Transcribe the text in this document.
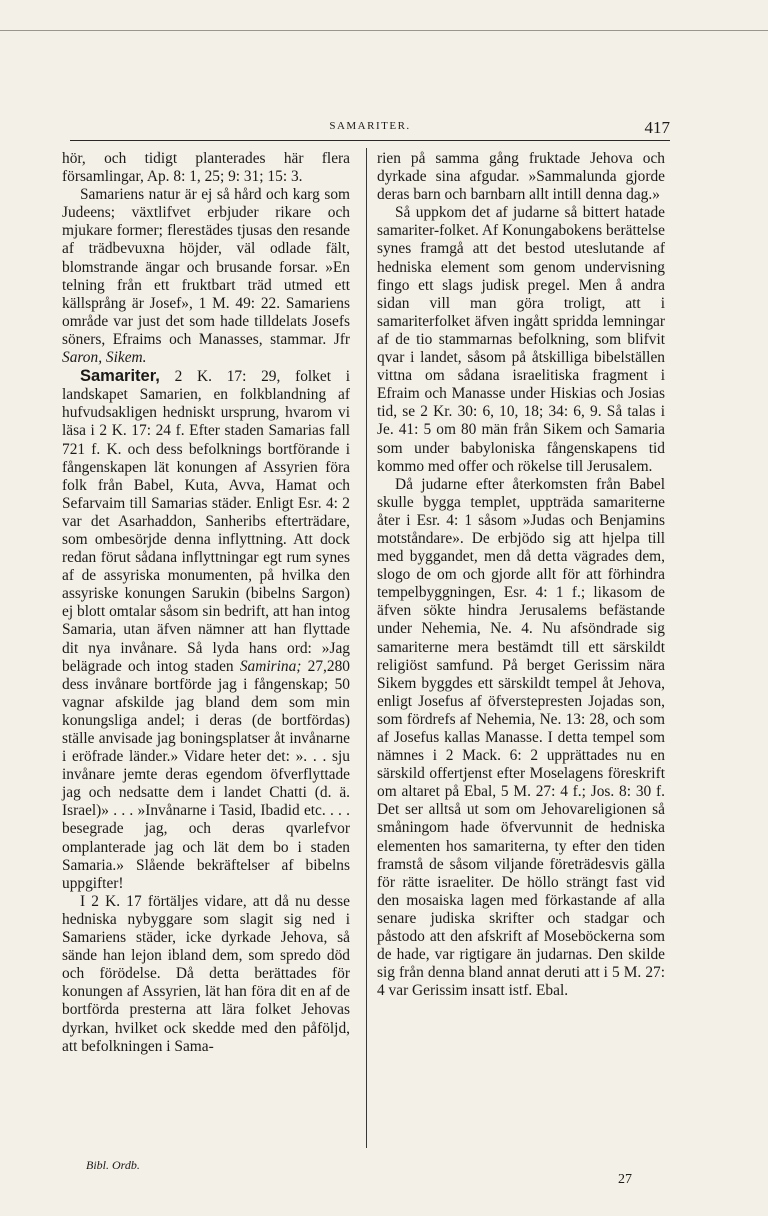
SAMARITER.	417

hör, och tidigt planterades här flera församlingar, Ap. 8: 1, 25; 9: 31; 15: 3.

Samariens natur är ej så hård och karg som Judeens; växtlifvet erbjuder rikare och mjukare former; flerestädes tjusas den resande af trädbevuxna höjder, väl odlade fält, blomstrande ängar och brusande forsar. »En telning från ett fruktbart träd utmed ett källsprång är Josef», 1 M. 49: 22. Samariens område var just det som hade tilldelats Josefs söners, Efraims och Manasses, stammar. Jfr Saron, Sikem.

Samariter, 2 K. 17: 29, folket i landskapet Samarien, en folkblandning af hufvudsakligen hedniskt ursprung, hvarom vi läsa i 2 K. 17: 24 f. Efter staden Samarias fall 721 f. K. och dess befolknings bortförande i fångenskapen lät konungen af Assyrien föra folk från Babel, Kuta, Avva, Hamat och Sefarvaim till Samarias städer. Enligt Esr. 4: 2 var det Asarhaddon, Sanheribs efterträdare, som ombesörjde denna inflyttning. Att dock redan förut sådana inflyttningar egt rum synes af de assyriska monumenten, på hvilka den assyriske konungen Sarukin (bibelns Sargon) ej blott omtalar såsom sin bedrift, att han intog Samaria, utan äfven nämner att han flyttade dit nya invånare. Så lyda hans ord: »Jag belägrade och intog staden Samirina; 27,280 dess invånare bortförde jag i fångenskap; 50 vagnar afskilde jag bland dem som min konungsliga andel; i deras (de bortfördas) ställe anvisade jag boningsplatser åt invånarne i eröfrade länder.» Vidare heter det: ». . . sju invånare jemte deras egendom öfverflyttade jag och nedsatte dem i landet Chatti (d. ä. Israel)» . . . »Invånarne i Tasid, Ibadid etc. . . . besegrade jag, och deras qvarlefvor omplanterade jag och lät dem bo i staden Samaria.» Slående bekräftelser af bibelns uppgifter!

I 2 K. 17 förtäljes vidare, att då nu desse hedniska nybyggare som slagit sig ned i Samariens städer, icke dyrkade Jehova, så sände han lejon ibland dem, som spredo död och förödelse. Då detta berättades för konungen af Assyrien, lät han föra dit en af de bortförda presterna att lära folket Jehovas dyrkan, hvilket ock skedde med den påföljd, att befolkningen i Sama-

rien på samma gång fruktade Jehova och dyrkade sina afgudar. »Sammalunda gjorde deras barn och barnbarn allt intill denna dag.»

Så uppkom det af judarne så bittert hatade samariter-folket. Af Konungabokens berättelse synes framgå att det bestod uteslutande af hedniska element som genom undervisning fingo ett slags judisk pregel. Men å andra sidan vill man göra troligt, att i samariterfolket äfven ingått spridda lemningar af de tio stammarnas befolkning, som blifvit qvar i landet, såsom på åtskilliga bibelställen vittna om sådana israelitiska fragment i Efraim och Manasse under Hiskias och Josias tid, se 2 Kr. 30: 6, 10, 18; 34: 6, 9. Så talas i Je. 41: 5 om 80 män från Sikem och Samaria som under babyloniska fångenskapens tid kommo med offer och rökelse till Jerusalem.

Då judarne efter återkomsten från Babel skulle bygga templet, uppträda samariterne åter i Esr. 4: 1 såsom »Judas och Benjamins motståndare». De erbjödo sig att hjelpa till med byggandet, men då detta vägrades dem, slogo de om och gjorde allt för att förhindra tempelbyggningen, Esr. 4: 1 f.; likasom de äfven sökte hindra Jerusalems befästande under Nehemia, Ne. 4. Nu afsöndrade sig samariterne mera bestämdt till ett särskildt religiöst samfund. På berget Gerissim nära Sikem byggdes ett särskildt tempel åt Jehova, enligt Josefus af öfverstepresten Jojadas son, som fördrefs af Nehemia, Ne. 13: 28, och som af Josefus kallas Manasse. I detta tempel som nämnes i 2 Mack. 6: 2 upprättades nu en särskild offertjenst efter Moselagens föreskrift om altaret på Ebal, 5 M. 27: 4 f.; Jos. 8: 30 f. Det ser alltså ut som om Jehovareligionen så småningom hade öfvervunnit de hedniska elementen hos samariterna, ty efter den tiden framstå de såsom viljande företrädesvis gälla för rätte israeliter. De höllo strängt fast vid den mosaiska lagen med förkastande af alla senare judiska skrifter och stadgar och påstodo att den afskrift af Moseböckerna som de hade, var rigtigare än judarnas. Den skilde sig från denna bland annat deruti att i 5 M. 27: 4 var Gerissim insatt istf. Ebal.

Bibl. Ordb.
27
